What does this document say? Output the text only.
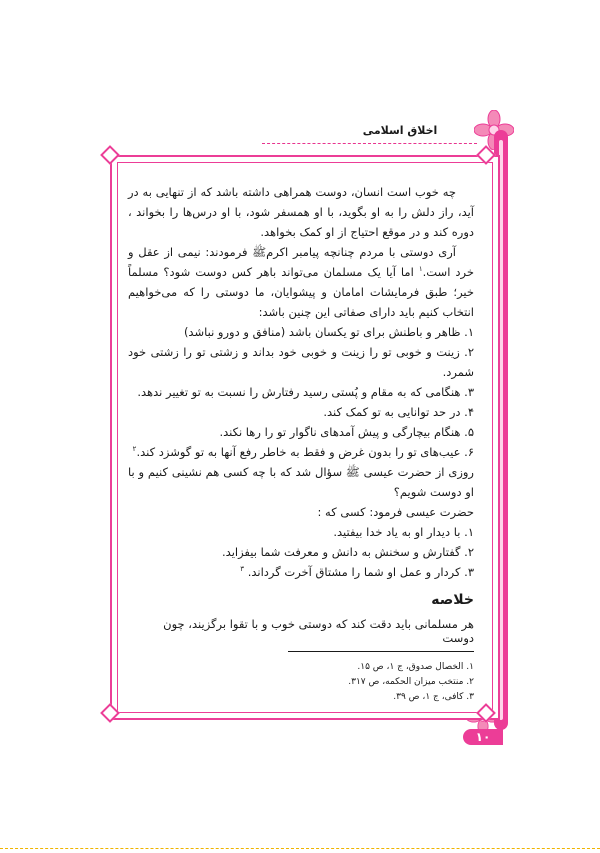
اخلاق اسلامی

چه خوب است انسان، دوست همراهی داشته باشد که از تنهایی به در آید، راز دلش را به او بگوید، با او همسفر شود، با او درس‌ها را بخواند ، دوره کند و در موقع احتیاج از او کمک بخواهد.

آری دوستی با مردم چنانچه پیامبر اکرمﷺ فرمودند: نیمی از عقل و خرد است.$^۱$ اما آیا یک مسلمان می‌تواند باهر کس دوست شود؟ مسلماً خیر؛ طبق فرمایشات امامان و پیشوایان، ما دوستی را که می‌خواهیم انتخاب کنیم باید دارای صفاتی این چنین باشد:

۱. ظاهر و باطنش برای تو یکسان باشد (منافق و دورو نباشد)

۲. زینت و خوبی تو را زینت و خوبی خود بداند و زشتی تو را زشتی خود شمرد.

۳. هنگامی که به مقام و پُستی رسید رفتارش را نسبت به تو تغییر ندهد.

۴. در حد توانایی به تو کمک کند.

۵. هنگام بیچارگی و پیش آمدهای ناگوار تو را رها نکند.

۶. عیب‌های تو را بدون غرض و فقط به خاطر رفع آنها به تو گوشزد کند.$^۲$

روزی از حضرت عیسی ﷺ سؤال شد که با چه کسی هم نشینی کنیم و با او دوست شویم؟

حضرت عیسی فرمود: کسی که :

۱. با دیدار او به یاد خدا بیفتید.

۲. گفتارش و سخنش به دانش و معرفت شما بیفزاید.

۳. کردار و عمل او شما را مشتاق آخرت گرداند. $^۳$

خلاصه
هر مسلمانی باید دقت کند که دوستی خوب و با تقوا برگزیند، چون دوست
۱. الخصال صدوق، ج ۱، ص ۱۵.
۲. منتخب میزان الحکمه، ص ۳۱۷.
۳. کافی، ج ۱، ص ۳۹.
۱۰
